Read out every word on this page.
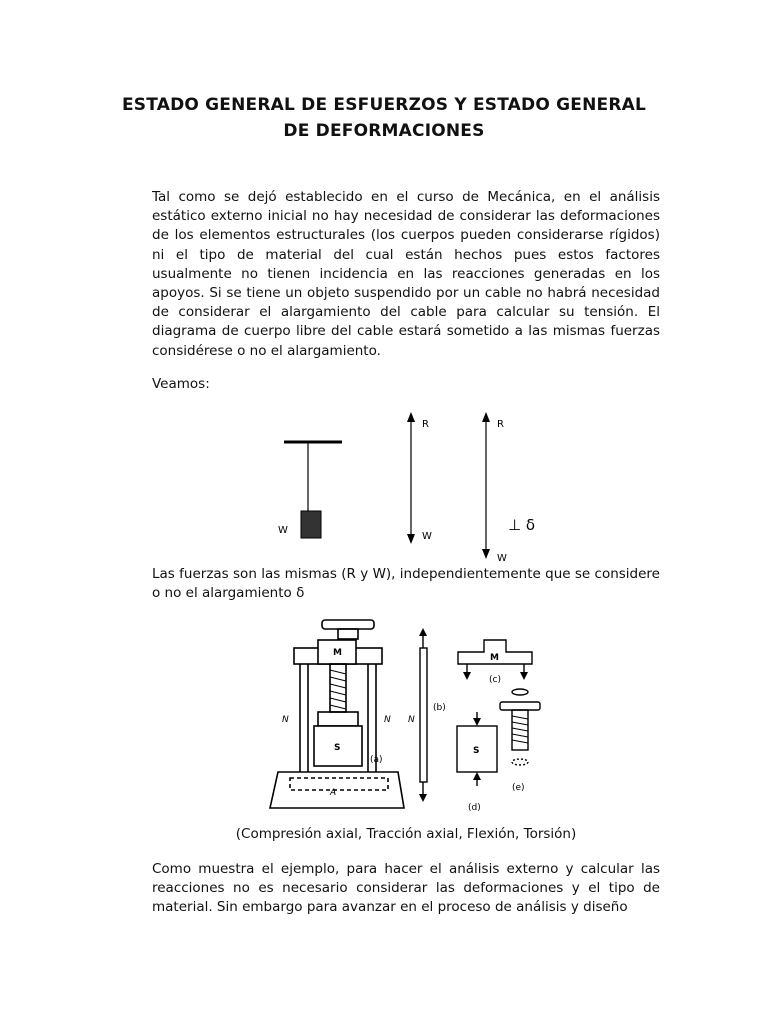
ESTADO GENERAL DE ESFUERZOS Y ESTADO GENERAL
DE DEFORMACIONES

Tal como se dejó establecido en el curso de Mecánica, en el análisis estático externo inicial no hay necesidad de considerar las deformaciones de los elementos estructurales (los cuerpos pueden considerarse rígidos) ni el tipo de material del cual están hechos pues estos factores usualmente no tienen incidencia en las reacciones generadas en los apoyos. Si se tiene un objeto suspendido por un cable no habrá necesidad de considerar el alargamiento del cable para calcular su tensión. El diagrama de cuerpo libre del cable estará sometido a las mismas fuerzas considérese o no el alargamiento.

Veamos:

W
R
W
R
W
⊥ δ

Las fuerzas son las mismas (R y W), independientemente que se considere o no el alargamiento δ

M
N	N
S
(a)
A
N
(b)
M
(c)
S
(d)
(e)
(Compresión axial, Tracción axial, Flexión, Torsión)

Como muestra el ejemplo, para hacer el análisis externo y calcular las reacciones no es necesario considerar las deformaciones y el tipo de material. Sin embargo para avanzar en el proceso de análisis y diseño
